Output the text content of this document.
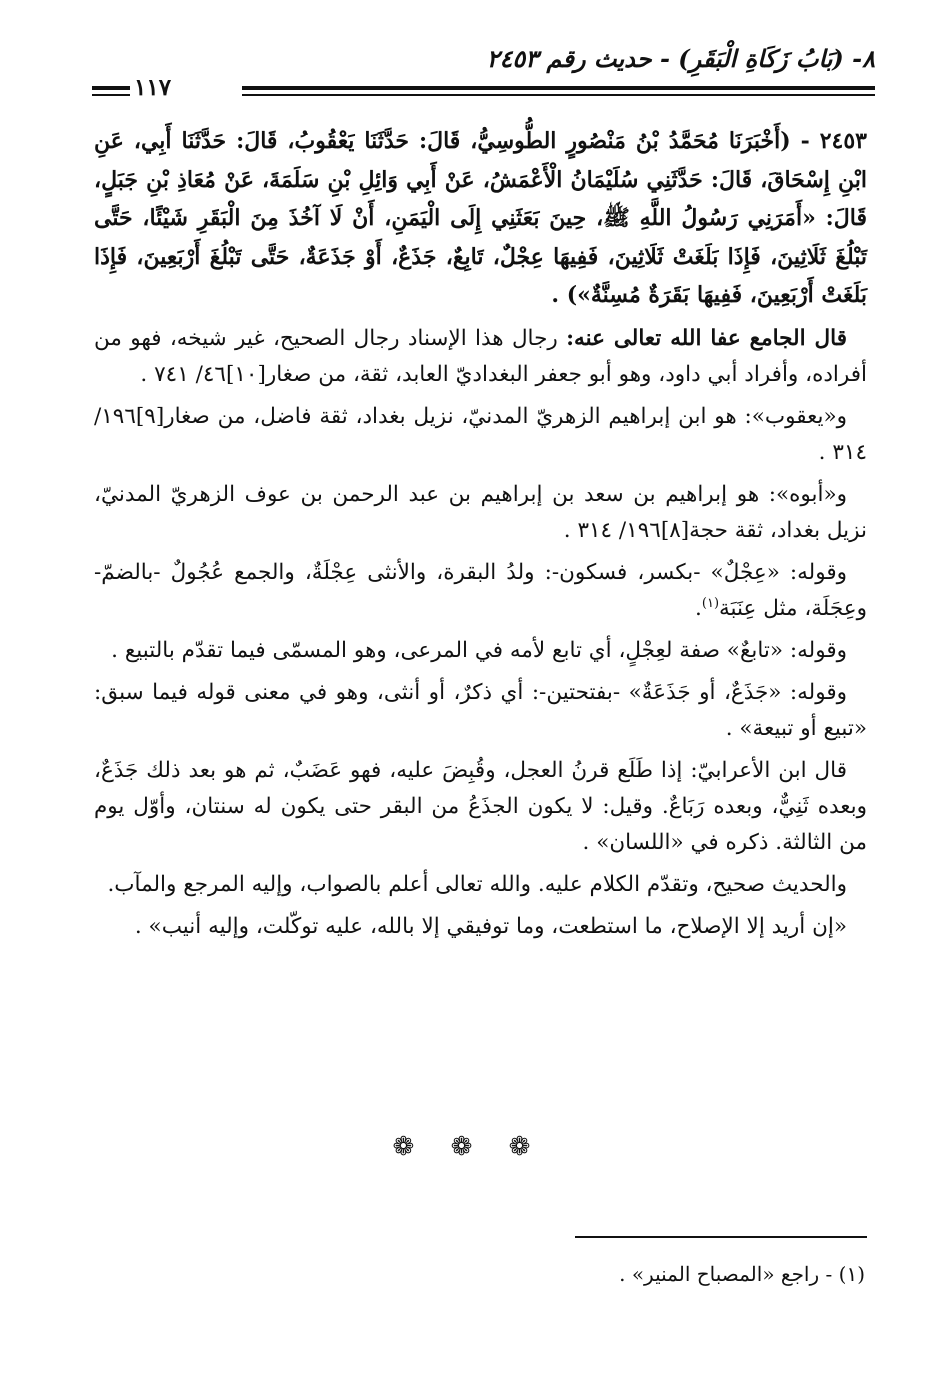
٨- (بَابُ زَكَاةِ الْبَقَرِ) - حديث رقم ٢٤٥٣
١١٧

٢٤٥٣ - (أَخْبَرَنَا مُحَمَّدُ بْنُ مَنْصُورٍ الطُّوسِيُّ، قَالَ: حَدَّثَنَا يَعْقُوبُ، قَالَ: حَدَّثَنَا أَبِي، عَنِ ابْنِ إِسْحَاقَ، قَالَ: حَدَّثَنِي سُلَيْمَانُ الْأَعْمَشُ، عَنْ أَبِي وَائِلِ بْنِ سَلَمَةَ، عَنْ مُعَاذِ بْنِ جَبَلٍ، قَالَ: «أَمَرَنِي رَسُولُ اللَّهِ ﷺ، حِينَ بَعَثَنِي إِلَى الْيَمَنِ، أَنْ لَا آخُذَ مِنَ الْبَقَرِ شَيْئًا، حَتَّى تَبْلُغَ ثَلَاثِينَ، فَإِذَا بَلَغَتْ ثَلَاثِينَ، فَفِيهَا عِجْلٌ، تَابِعٌ، جَذَعٌ، أَوْ جَذَعَةٌ، حَتَّى تَبْلُغَ أَرْبَعِينَ، فَإِذَا بَلَغَتْ أَرْبَعِينَ، فَفِيهَا بَقَرَةٌ مُسِنَّةٌ») .

قال الجامع عفا الله تعالى عنه: رجال هذا الإسناد رجال الصحيح، غير شيخه، فهو من أفراده، وأفراد أبي داود، وهو أبو جعفر البغداديّ العابد، ثقة، من صغار[١٠]٤٦/ ٧٤١ .

و«يعقوب»: هو ابن إبراهيم الزهريّ المدنيّ، نزيل بغداد، ثقة فاضل، من صغار[٩]١٩٦/ ٣١٤ .

و«أبوه»: هو إبراهيم بن سعد بن إبراهيم بن عبد الرحمن بن عوف الزهريّ المدنيّ، نزيل بغداد، ثقة حجة[٨]١٩٦/ ٣١٤ .

وقوله: «عِجْلٌ» -بكسر، فسكون-: ولدُ البقرة، والأنثى عِجْلَةٌ، والجمع عُجُولٌ -بالضمّ-وعِجَلَة، مثل عِنَبَة$^{(١)}$.

وقوله: «تابعٌ» صفة لعِجْلٍ، أي تابع لأمه في المرعى، وهو المسمّى فيما تقدّم بالتبيع .

وقوله: «جَذَعٌ، أو جَذَعَةٌ» -بفتحتين-: أي ذكرٌ، أو أنثى، وهو في معنى قوله فيما سبق: «تبيع أو تبيعة» .

قال ابن الأعرابيّ: إذا طَلَع قرنُ العجل، وقُبِضَ عليه، فهو عَضَبٌ، ثم هو بعد ذلك جَذَعٌ، وبعده ثَنِيٌّ، وبعده رَبَاعٌ. وقيل: لا يكون الجذَعُ من البقر حتى يكون له سنتان، وأوّل يوم من الثالثة. ذكره في «اللسان» .

والحديث صحيح، وتقدّم الكلام عليه. والله تعالى أعلم بالصواب، وإليه المرجع والمآب.

«إن أريد إلا الإصلاح، ما استطعت، وما توفيقي إلا بالله، عليه توكّلت، وإليه أنيب» .

❁ ❁ ❁
(١) - راجع «المصباح المنير» .
